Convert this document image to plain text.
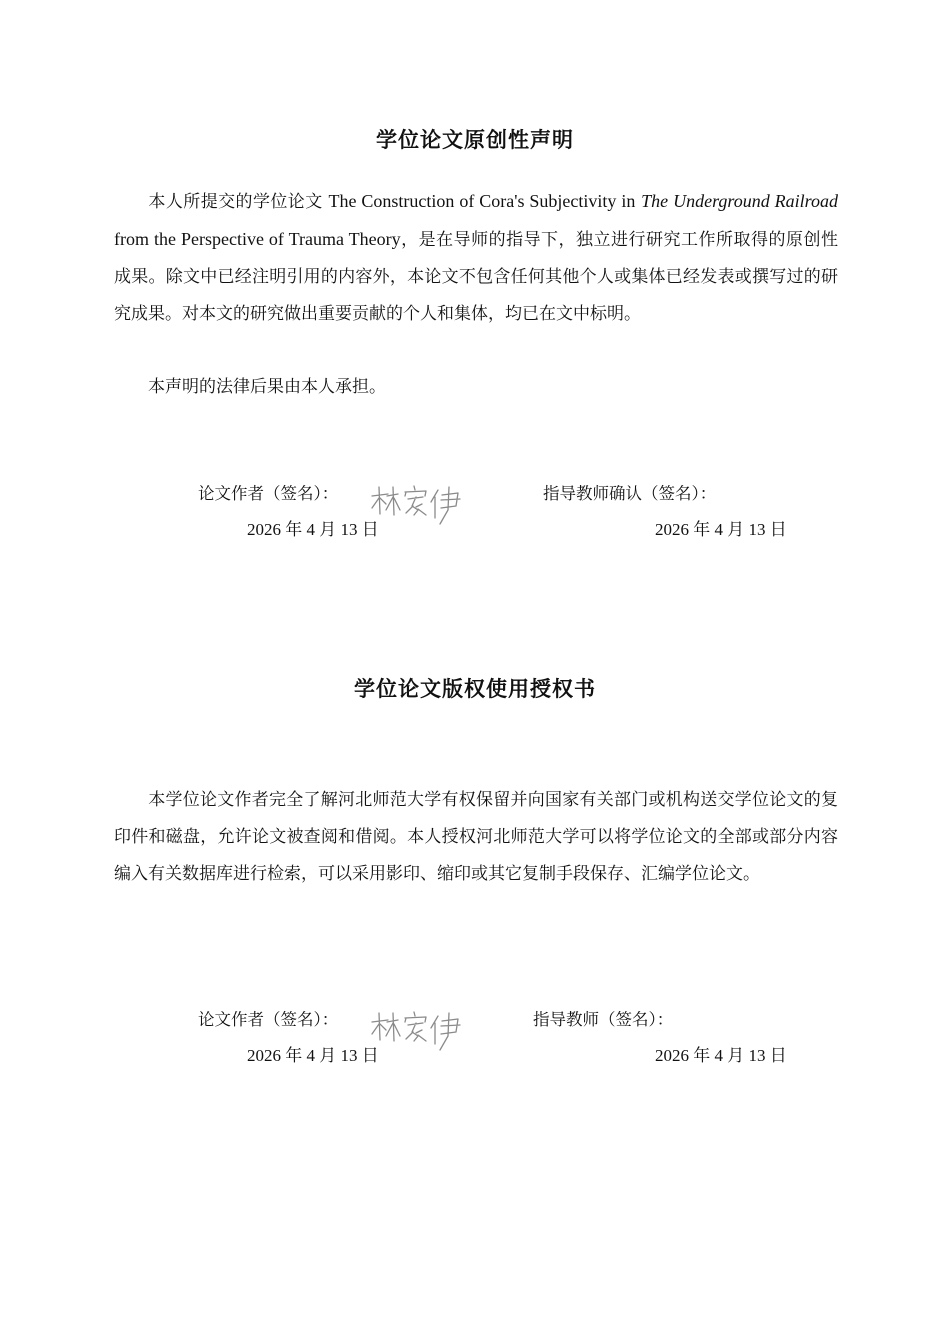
学位论文原创性声明

本人所提交的学位论文 The Construction of Cora's Subjectivity in The Underground Railroad from the Perspective of Trauma Theory，是在导师的指导下，独立进行研究工作所取得的原创性成果。除文中已经注明引用的内容外，本论文不包含任何其他个人或集体已经发表或撰写过的研究成果。对本文的研究做出重要贡献的个人和集体，均已在文中标明。

本声明的法律后果由本人承担。

论文作者（签名）：

2026 年 4 月 13 日

指导教师确认（签名）：

2026 年 4 月 13 日

学位论文版权使用授权书

本学位论文作者完全了解河北师范大学有权保留并向国家有关部门或机构送交学位论文的复印件和磁盘，允许论文被查阅和借阅。本人授权河北师范大学可以将学位论文的全部或部分内容编入有关数据库进行检索，可以采用影印、缩印或其它复制手段保存、汇编学位论文。

论文作者（签名）：

2026 年 4 月 13 日

指导教师（签名）：

2026 年 4 月 13 日
